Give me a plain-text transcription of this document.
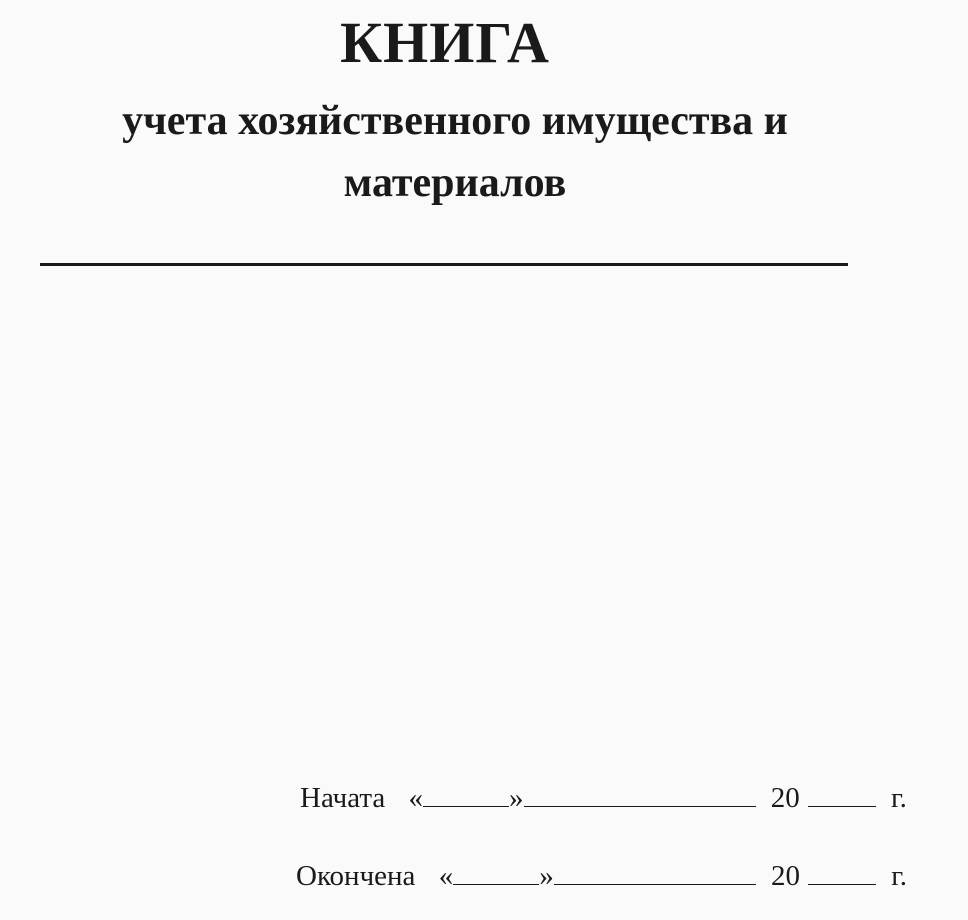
КНИГА
учета хозяйственного имущества и
материалов
Начата «	»	20	г.
Окончена «	»	20	г.
